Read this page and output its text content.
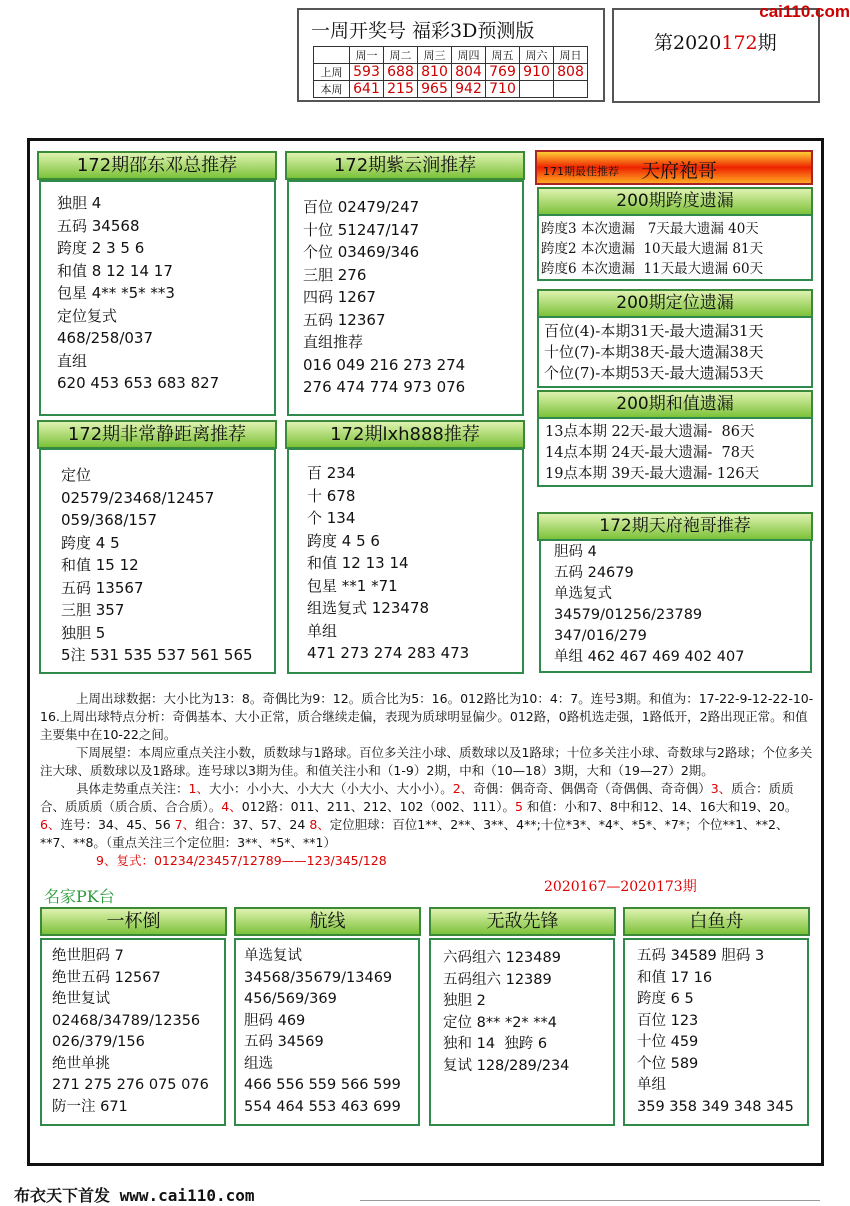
一周开奖号 福彩3D预测版
	周一	周二	周三	周四	周五	周六	周日
上周	593	688	810	804	769	910	808
本周	641	215	965	942	710		
第2020172期
cai110.com
172期邵东邓总推荐
独胆 4
五码 34568
跨度 2 3 5 6
和值 8 12 14 17
包星 4** *5* **3
定位复式
468/258/037
直组
620 453 653 683 827
172期紫云涧推荐
百位 02479/247
十位 51247/147
个位 03469/346
三胆 276
四码 1267
五码 12367
直组推荐
016 049 216 273 274
276 474 774 973 076
172期非常静距离推荐
定位
02579/23468/12457
059/368/157
跨度 4 5
和值 15 12
五码 13567
三胆 357
独胆 5
5注 531 535 537 561 565
172期lxh888推荐
百 234
十 678
个 134
跨度 4 5 6
和值 12 13 14
包星 **1 *71
组选复式 123478
单组
471 273 274 283 473
171期最佳推荐 天府袍哥
200期跨度遗漏
跨度3 本次遗漏   7天最大遗漏 40天
跨度2 本次遗漏  10天最大遗漏 81天
跨度6 本次遗漏  11天最大遗漏 60天
200期定位遗漏
百位(4)-本期31天-最大遗漏31天
十位(7)-本期38天-最大遗漏38天
个位(7)-本期53天-最大遗漏53天
200期和值遗漏
13点本期 22天-最大遗漏-  86天
14点本期 24天-最大遗漏-  78天
19点本期 39天-最大遗漏- 126天
172期天府袍哥推荐
胆码 4
五码 24679
单选复式
34579/01256/23789
347/016/279
单组 462 467 469 402 407

上周出球数据：大小比为13：8。奇偶比为9：12。质合比为5：16。012路比为10：4：7。连号3期。和值为：17-22-9-12-22-10-16.上周出球特点分析：奇偶基本、大小正常，质合继续走偏，表现为质球明显偏少。012路，0路机选走强，1路低开，2路出现正常。和值主要集中在10-22之间。

下周展望：本周应重点关注小数，质数球与1路球。百位多关注小球、质数球以及1路球；十位多关注小球、奇数球与2路球；个位多关注大球、质数球以及1路球。连号球以3期为佳。和值关注小和（1-9）2期，中和（10—18）3期，大和（19—27）2期。

具体走势重点关注：1、大小：小小大、小大大（小大小、大小小）。2、奇偶：偶奇奇、偶偶奇（奇偶偶、奇奇偶）3、质合：质质合、质质质（质合质、合合质）。4、012路：011、211、212、102（002、111）。5 和值：小和7、8中和12、14、16大和19、20。6、连号：34、45、56 7、组合：37、57、24 8、定位胆球：百位1**、2**、3**、4**;十位*3*、*4*、*5*、*7*；个位**1、**2、**7、**8。（重点关注三个定位胆：3**、*5*、**1）

9、复式：01234/23457/12789——123/345/128

名家PK台	2020167—2020173期
一杯倒
绝世胆码 7
绝世五码 12567
绝世复试
02468/34789/12356
026/379/156
绝世单挑
271 275 276 075 076
防一注 671
航线
单选复试
34568/35679/13469
456/569/369
胆码 469
五码 34569
组选
466 556 559 566 599
554 464 553 463 699
无敌先锋
六码组六 123489
五码组六 12389
独胆 2
定位 8** *2* **4
独和 14  独跨 6
复试 128/289/234
白鱼舟
五码 34589 胆码 3
和值 17 16
跨度 6 5
百位 123
十位 459
个位 589
单组
359 358 349 348 345
布衣天下首发 www.cai110.com
